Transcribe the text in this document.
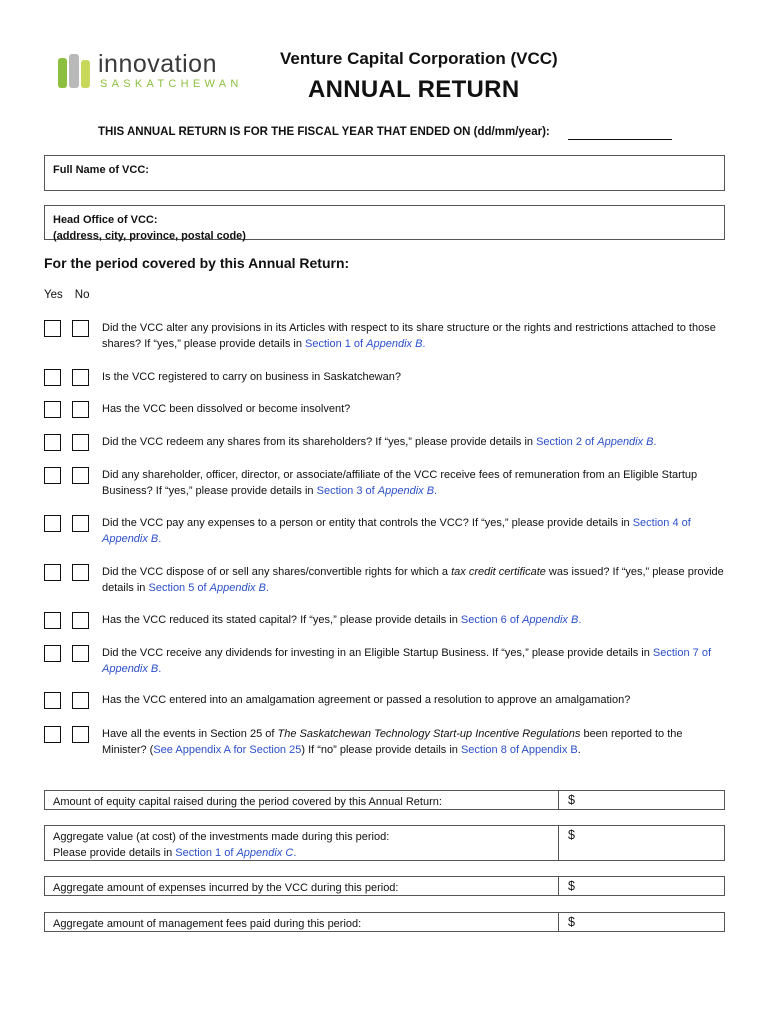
innovation
SASKATCHEWAN
Venture Capital Corporation (VCC)
ANNUAL RETURN
THIS ANNUAL RETURN IS FOR THE FISCAL YEAR THAT ENDED ON (dd/mm/year):
Full Name of VCC:
Head Office of VCC:
(address, city, province, postal code)
For the period covered by this Annual Return:
Yes No
Did the VCC alter any provisions in its Articles with respect to its share structure or the rights and restrictions attached to those shares? If “yes,” please provide details in Section 1 of Appendix B.
Is the VCC registered to carry on business in Saskatchewan?
Has the VCC been dissolved or become insolvent?
Did the VCC redeem any shares from its shareholders? If “yes,” please provide details in Section 2 of Appendix B.
Did any shareholder, officer, director, or associate/affiliate of the VCC receive fees of remuneration from an Eligible Startup Business? If “yes,” please provide details in Section 3 of Appendix B.
Did the VCC pay any expenses to a person or entity that controls the VCC? If “yes,” please provide details in Section 4 of Appendix B.
Did the VCC dispose of or sell any shares/convertible rights for which a tax credit certificate was issued? If “yes,” please provide details in Section 5 of Appendix B.
Has the VCC reduced its stated capital? If “yes,” please provide details in Section 6 of Appendix B.
Did the VCC receive any dividends for investing in an Eligible Startup Business. If “yes,” please provide details in Section 7 of Appendix B.
Has the VCC entered into an amalgamation agreement or passed a resolution to approve an amalgamation?
Have all the events in Section 25 of The Saskatchewan Technology Start-up Incentive Regulations been reported to the Minister? (See Appendix A for Section 25) If “no” please provide details in Section 8 of Appendix B.
Amount of equity capital raised during the period covered by this Annual Return:	$
Aggregate value (at cost) of the investments made during this period:
Please provide details in Section 1 of Appendix C.
$
Aggregate amount of expenses incurred by the VCC during this period:	$
Aggregate amount of management fees paid during this period:	$
